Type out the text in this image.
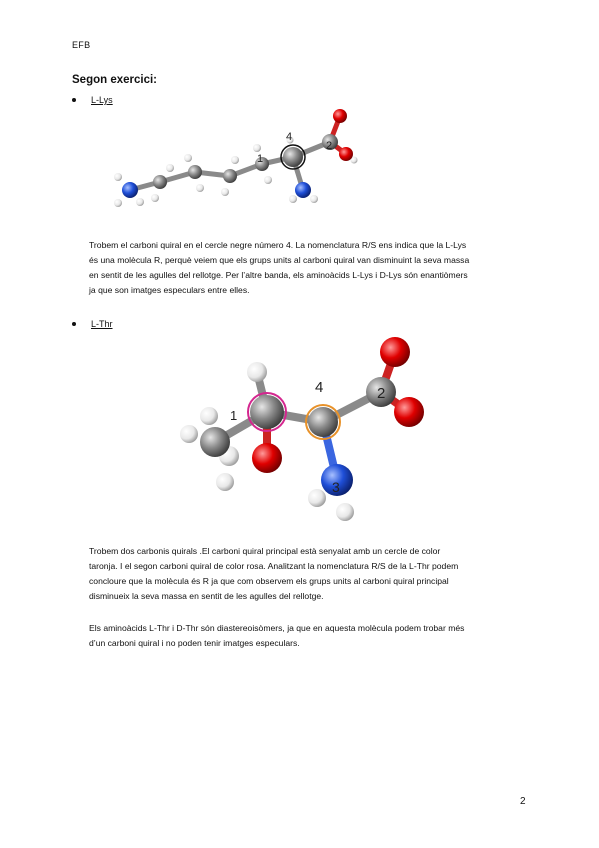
EFB
Segon exercici:
L-Lys
1
4
2

Trobem el carboni quiral en el cercle negre número 4. La nomenclatura R/S ens indica que la L-Lys

és una molècula R, perquè veiem que els grups units al carboni quiral van disminuint la seva massa

en sentit de les agulles del rellotge. Per l’altre banda, els aminoàcids L-Lys i D-Lys són enantiòmers

ja que son imatges especulars entre elles.

L-Thr
1
4	2
3

Trobem dos carbonis quirals .El carboni quiral principal està senyalat amb un cercle de color

taronja. I el segon carboni quiral de color rosa. Analitzant la nomenclatura R/S de la L-Thr podem

concloure que la molècula és R ja que com observem els grups units al carboni quiral principal

disminueix la seva massa en sentit de les agulles del rellotge.

Els aminoàcids L-Thr i D-Thr són diastereoisòmers, ja que en aquesta molècula podem trobar més

d’un carboni quiral i no poden tenir imatges especulars.

2
